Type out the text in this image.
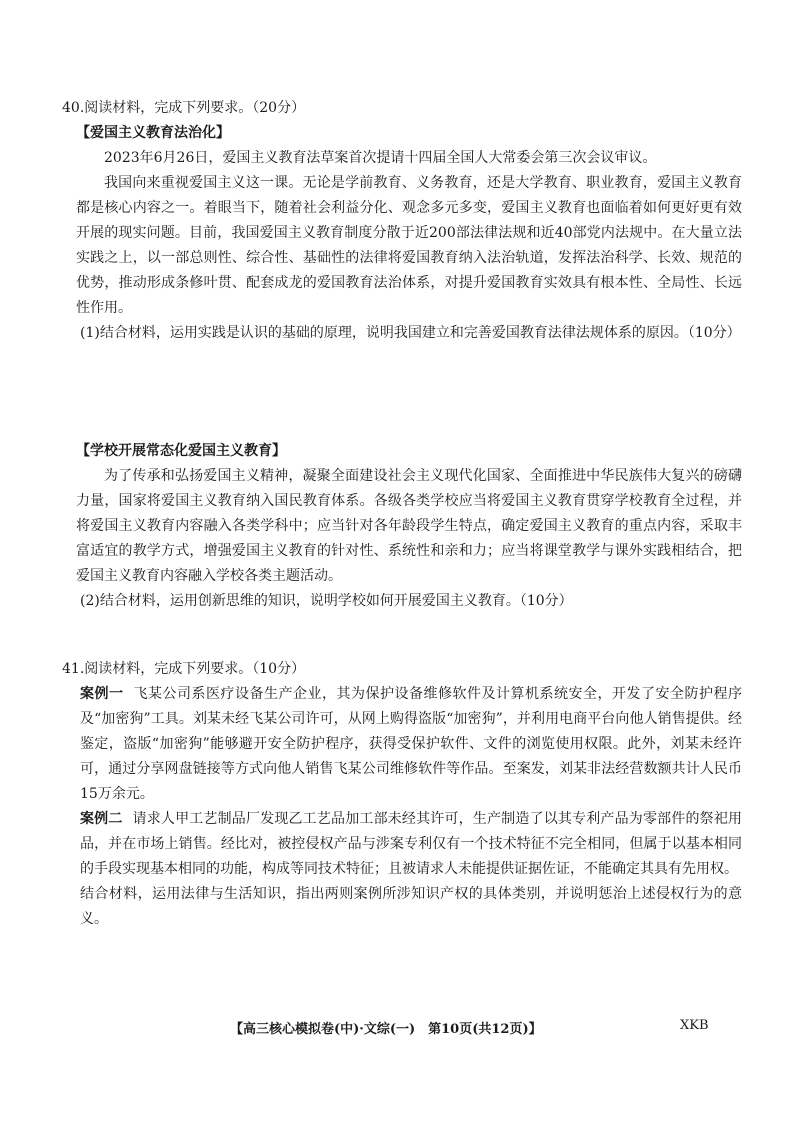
40.阅读材料，完成下列要求。（20分）
【爱国主义教育法治化】
2023年6月26日，爱国主义教育法草案首次提请十四届全国人大常委会第三次会议审议。
我国向来重视爱国主义这一课。无论是学前教育、义务教育，还是大学教育、职业教育，爱国主义教育都是核心内容之一。着眼当下，随着社会利益分化、观念多元多变，爱国主义教育也面临着如何更好更有效开展的现实问题。目前，我国爱国主义教育制度分散于近200部法律法规和近40部党内法规中。在大量立法实践之上，以一部总则性、综合性、基础性的法律将爱国教育纳入法治轨道，发挥法治科学、长效、规范的优势，推动形成条修叶贯、配套成龙的爱国教育法治体系，对提升爱国教育实效具有根本性、全局性、长远性作用。
(1)结合材料，运用实践是认识的基础的原理，说明我国建立和完善爱国教育法律法规体系的原因。（10分）
【学校开展常态化爱国主义教育】
为了传承和弘扬爱国主义精神，凝聚全面建设社会主义现代化国家、全面推进中华民族伟大复兴的磅礴力量，国家将爱国主义教育纳入国民教育体系。各级各类学校应当将爱国主义教育贯穿学校教育全过程，并将爱国主义教育内容融入各类学科中；应当针对各年龄段学生特点，确定爱国主义教育的重点内容，采取丰富适宜的教学方式，增强爱国主义教育的针对性、系统性和亲和力；应当将课堂教学与课外实践相结合，把爱国主义教育内容融入学校各类主题活动。
(2)结合材料，运用创新思维的知识，说明学校如何开展爱国主义教育。（10分）
41.阅读材料，完成下列要求。（10分）
案例一 飞某公司系医疗设备生产企业，其为保护设备维修软件及计算机系统安全，开发了安全防护程序及“加密狗”工具。刘某未经飞某公司许可，从网上购得盗版“加密狗”，并利用电商平台向他人销售提供。经鉴定，盗版“加密狗”能够避开安全防护程序，获得受保护软件、文件的浏览使用权限。此外，刘某未经许可，通过分享网盘链接等方式向他人销售飞某公司维修软件等作品。至案发，刘某非法经营数额共计人民币15万余元。
案例二 请求人甲工艺制品厂发现乙工艺品加工部未经其许可，生产制造了以其专利产品为零部件的祭祀用品，并在市场上销售。经比对，被控侵权产品与涉案专利仅有一个技术特征不完全相同，但属于以基本相同的手段实现基本相同的功能，构成等同技术特征；且被请求人未能提供证据佐证，不能确定其具有先用权。
结合材料，运用法律与生活知识，指出两则案例所涉知识产权的具体类别，并说明惩治上述侵权行为的意义。
【高三核心模拟卷(中)·文综(一)　第10页(共12页)】	XKB
